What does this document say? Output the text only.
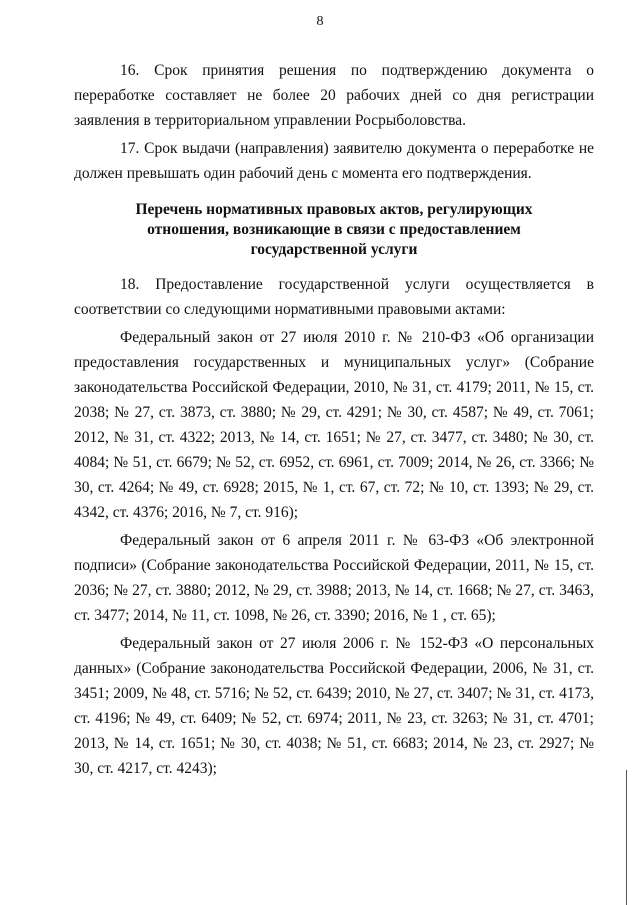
8

16. Срок принятия решения по подтверждению документа о переработке составляет не более 20 рабочих дней со дня регистрации заявления в территориальном управлении Росрыболовства.

17. Срок выдачи (направления) заявителю документа о переработке не должен превышать один рабочий день с момента его подтверждения.

Перечень нормативных правовых актов, регулирующих отношения, возникающие в связи с предоставлением государственной услуги

18. Предоставление государственной услуги осуществляется в соответствии со следующими нормативными правовыми актами:

Федеральный закон от 27 июля 2010 г. № 210-ФЗ «Об организации предоставления государственных и муниципальных услуг» (Собрание законодательства Российской Федерации, 2010, № 31, ст. 4179; 2011, № 15, ст. 2038; № 27, ст. 3873, ст. 3880; № 29, ст. 4291; № 30, ст. 4587; № 49, ст. 7061; 2012, № 31, ст. 4322; 2013, № 14, ст. 1651; № 27, ст. 3477, ст. 3480; № 30, ст. 4084; № 51, ст. 6679; № 52, ст. 6952, ст. 6961, ст. 7009; 2014, № 26, ст. 3366; № 30, ст. 4264; № 49, ст. 6928; 2015, № 1, ст. 67, ст. 72; № 10, ст. 1393; № 29, ст. 4342, ст. 4376; 2016, № 7, ст. 916);

Федеральный закон от 6 апреля 2011 г. № 63-ФЗ «Об электронной подписи» (Собрание законодательства Российской Федерации, 2011, № 15, ст. 2036; № 27, ст. 3880; 2012, № 29, ст. 3988; 2013, № 14, ст. 1668; № 27, ст. 3463, ст. 3477; 2014, № 11, ст. 1098, № 26, ст. 3390; 2016, № 1 , ст. 65);

Федеральный закон от 27 июля 2006 г. № 152-ФЗ «О персональных данных» (Собрание законодательства Российской Федерации, 2006, № 31, ст. 3451; 2009, № 48, ст. 5716; № 52, ст. 6439; 2010, № 27, ст. 3407; № 31, ст. 4173, ст. 4196; № 49, ст. 6409; № 52, ст. 6974; 2011, № 23, ст. 3263; № 31, ст. 4701; 2013, № 14, ст. 1651; № 30, ст. 4038; № 51, ст. 6683; 2014, № 23, ст. 2927; № 30, ст. 4217, ст. 4243);
